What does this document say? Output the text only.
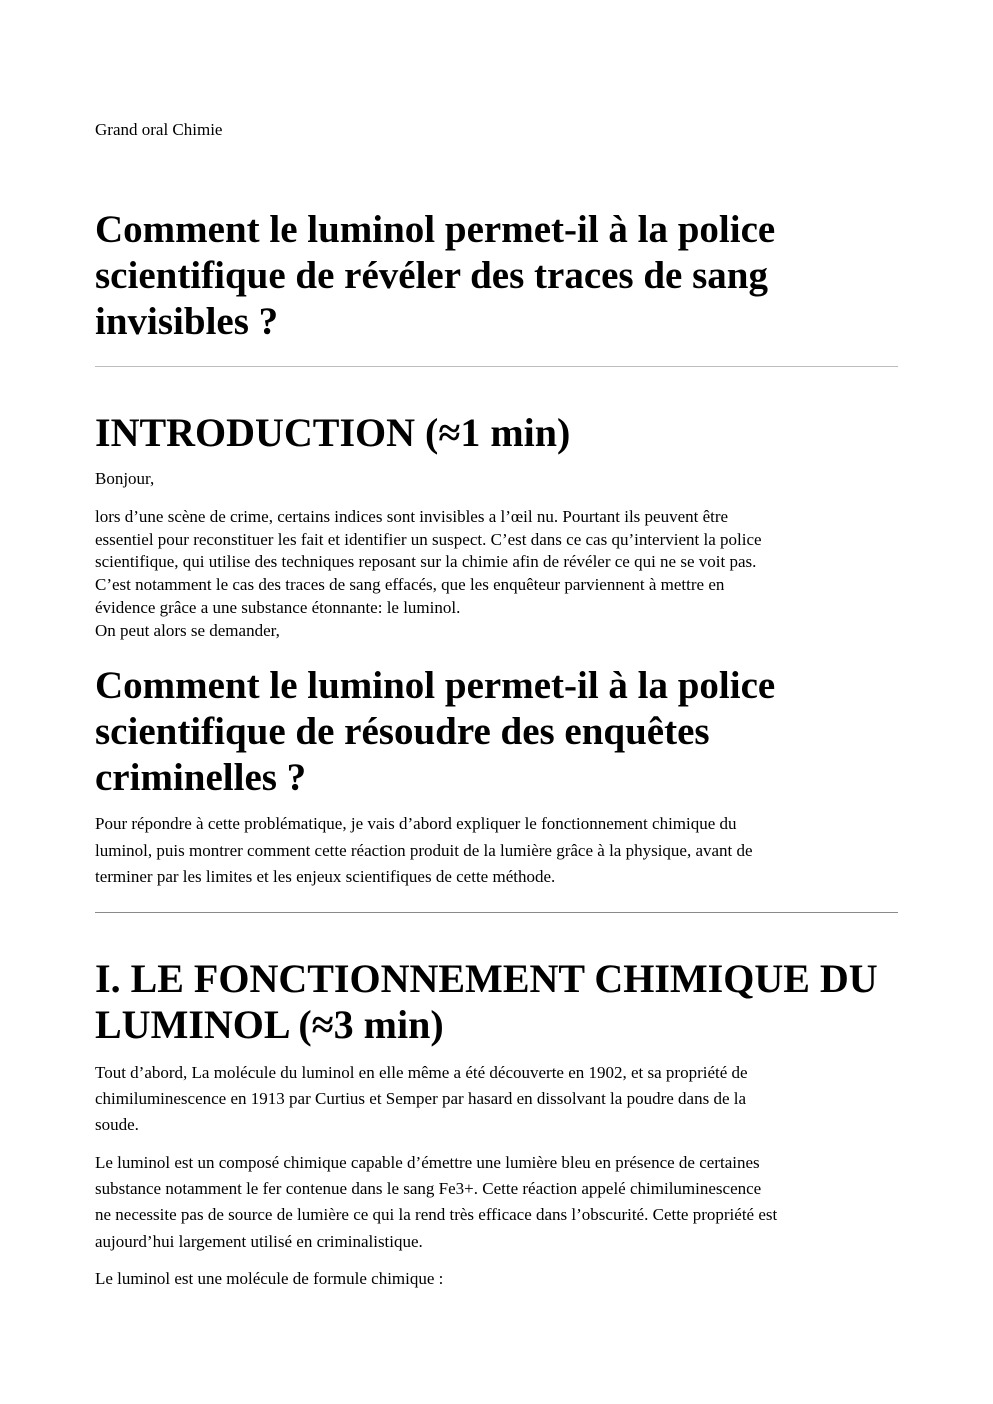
Grand oral Chimie

Comment le luminol permet-il à la police
scientifique de révéler des traces de sang
invisibles ?
INTRODUCTION (≈1 min)

Bonjour,

lors d’une scène de crime, certains indices sont invisibles a l’œil nu. Pourtant ils peuvent être
essentiel pour reconstituer les fait et identifier un suspect. C’est dans ce cas qu’intervient la police
scientifique, qui utilise des techniques reposant sur la chimie afin de révéler ce qui ne se voit pas.
C’est notamment le cas des traces de sang effacés, que les enquêteur parviennent à mettre en
évidence grâce a une substance étonnante: le luminol.
On peut alors se demander,

Comment le luminol permet-il à la police
scientifique de résoudre des enquêtes
criminelles ?

Pour répondre à cette problématique, je vais d’abord expliquer le fonctionnement chimique du
luminol, puis montrer comment cette réaction produit de la lumière grâce à la physique, avant de
terminer par les limites et les enjeux scientifiques de cette méthode.

I. LE FONCTIONNEMENT CHIMIQUE DU
LUMINOL (≈3 min)

Tout d’abord, La molécule du luminol en elle même a été découverte en 1902, et sa propriété de
chimiluminescence en 1913 par Curtius et Semper par hasard en dissolvant la poudre dans de la
soude.

Le luminol est un composé chimique capable d’émettre une lumière bleu en présence de certaines
substance notamment le fer contenue dans le sang Fe3+. Cette réaction appelé chimiluminescence
ne necessite pas de source de lumière ce qui la rend très efficace dans l’obscurité. Cette propriété est
aujourd’hui largement utilisé en criminalistique.

Le luminol est une molécule de formule chimique :
